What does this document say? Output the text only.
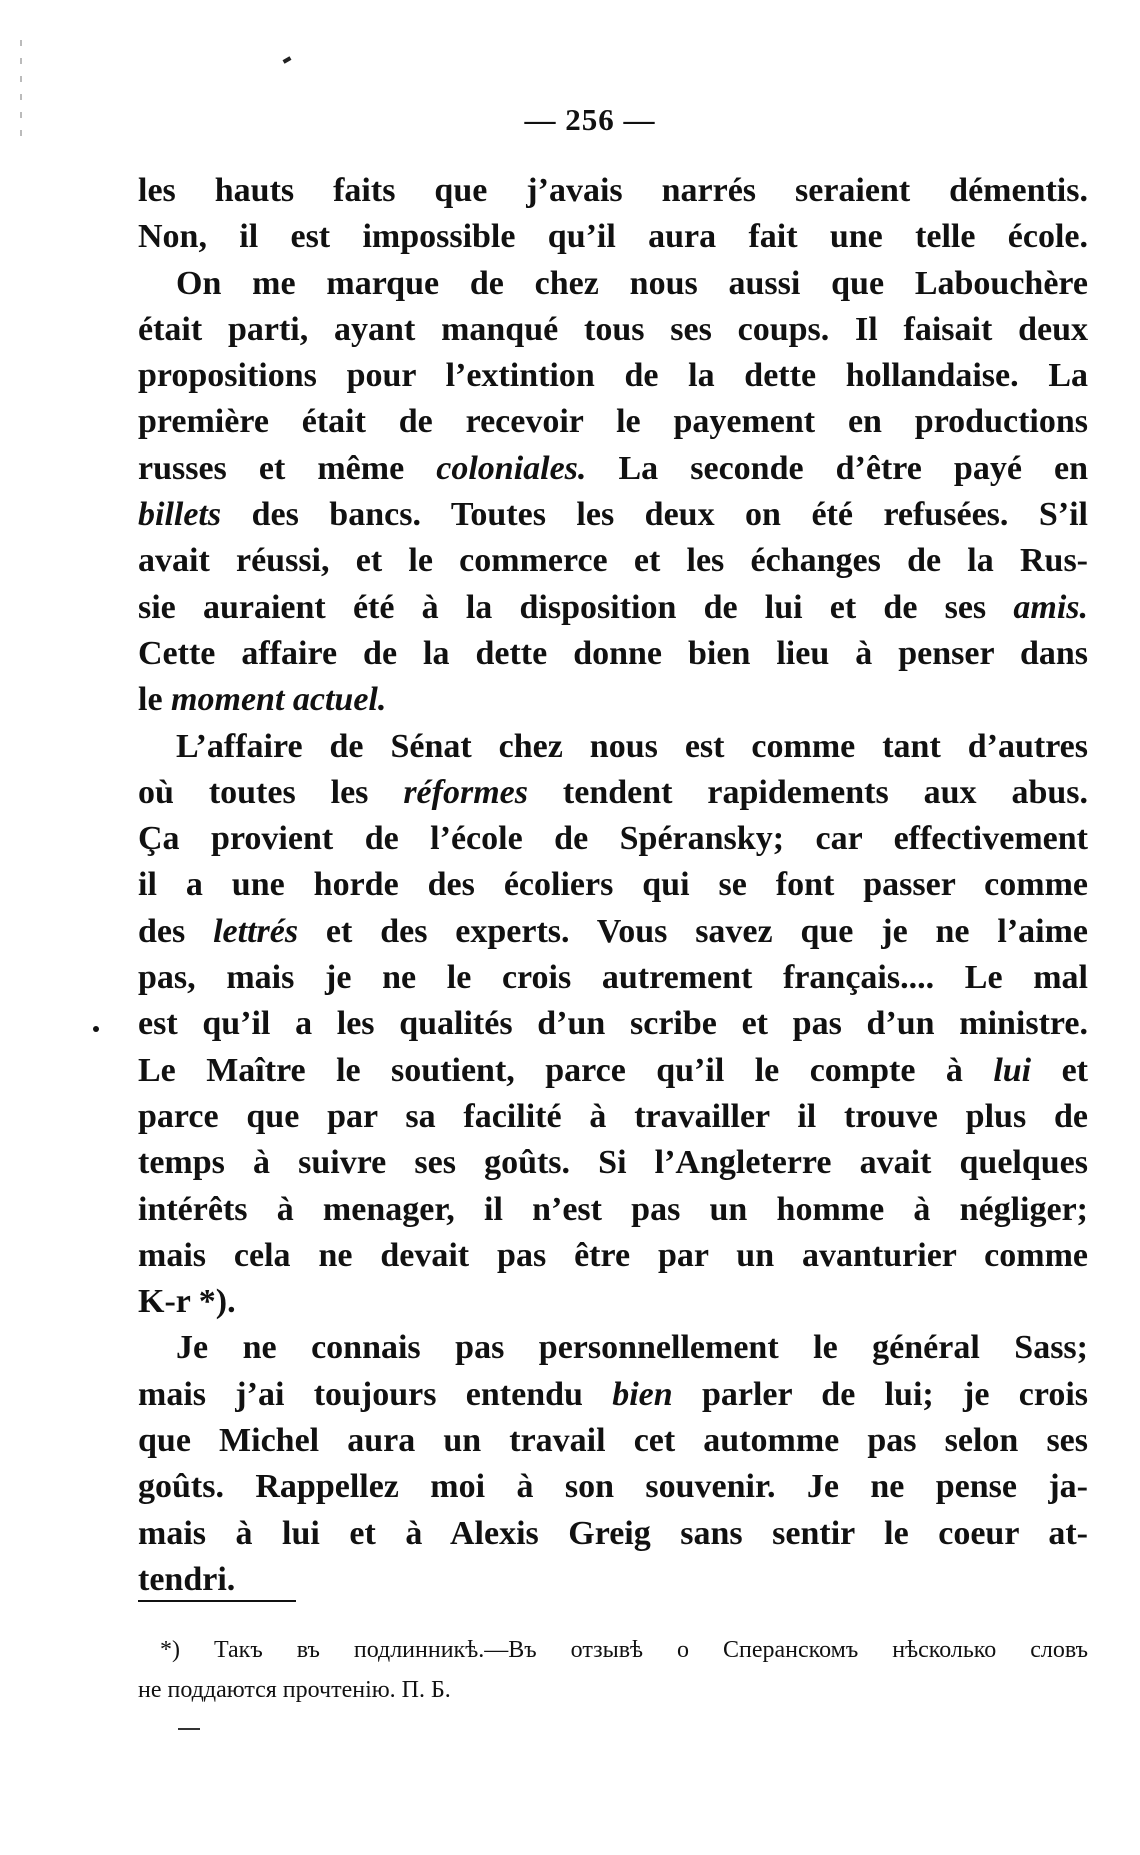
— 256 —
les hauts faits que j’avais narrés seraient démentis.
Non, il est impossible qu’il aura fait une telle école.
On me marque de chez nous aussi que Labouchère
était parti, ayant manqué tous ses coups. Il faisait deux
propositions pour l’extintion de la dette hollandaise. La
première était de recevoir le payement en productions
russes et même coloniales. La seconde d’être payé en
billets des bancs. Toutes les deux on été refusées. S’il
avait réussi, et le commerce et les échanges de la Rus-
sie auraient été à la disposition de lui et de ses amis.
Cette affaire de la dette donne bien lieu à penser dans
le moment actuel.
L’affaire de Sénat chez nous est comme tant d’autres
où toutes les réformes tendent rapidements aux abus.
Ça provient de l’école de Spéransky; car effectivement
il a une horde des écoliers qui se font passer comme
des lettrés et des experts. Vous savez que je ne l’aime
pas, mais je ne le crois autrement français.... Le mal
est qu’il a les qualités d’un scribe et pas d’un ministre.
Le Maître le soutient, parce qu’il le compte à lui et
parce que par sa facilité à travailler il trouve plus de
temps à suivre ses goûts. Si l’Angleterre avait quelques
intérêts à menager, il n’est pas un homme à négliger;
mais cela ne devait pas être par un avanturier comme
K-r *).
Je ne connais pas personnellement le général Sass;
mais j’ai toujours entendu bien parler de lui; je crois
que Michel aura un travail cet automme pas selon ses
goûts. Rappellez moi à son souvenir. Je ne pense ja-
mais à lui et à Alexis Greig sans sentir le coeur at-
tendri.
*) Такъ въ подлинникѣ.—Въ отзывѣ о Сперанскомъ нѣсколько словъ
не поддаются прочтенію. П. Б.
